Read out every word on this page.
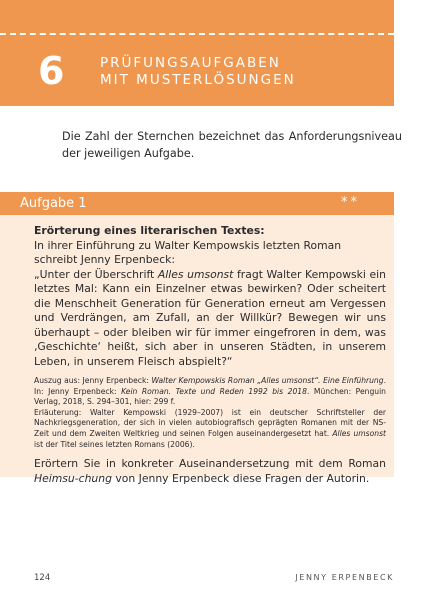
6	PRÜFUNGSAUFGABEN
MIT MUSTERLÖSUNGEN

Die Zahl der Sternchen bezeichnet das Anforderungsniveau der jeweiligen Aufgabe.

Aufgabe 1	**

Erörterung eines literarischen Textes:

In ihrer Einführung zu Walter Kempowskis letzten Roman schreibt Jenny Erpenbeck:

„Unter der Überschrift Alles umsonst fragt Walter Kempowski ein letztes Mal: Kann ein Einzelner etwas bewirken? Oder scheitert die Menschheit Generation für Generation erneut am Vergessen und Verdrängen, am Zufall, an der Willkür? Bewegen wir uns überhaupt – oder bleiben wir für immer eingefroren in dem, was ‚Geschichte‘ heißt, sich aber in unseren Städten, in unserem Leben, in unserem Fleisch abspielt?“

Auszug aus: Jenny Erpenbeck: Walter Kempowskis Roman „Alles umsonst“. Eine Einführung. In: Jenny Erpenbeck: Kein Roman. Texte und Reden 1992 bis 2018. München: Penguin Verlag, 2018, S. 294–301, hier: 299 f.

Erläuterung: Walter Kempowski (1929–2007) ist ein deutscher Schriftsteller der Nachkriegsgeneration, der sich in vielen autobiografisch geprägten Romanen mit der NS-Zeit und dem Zweiten Weltkrieg und seinen Folgen auseinandergesetzt hat. Alles umsonst ist der Titel seines letzten Romans (2006).

Erörtern Sie in konkreter Auseinandersetzung mit dem Roman Heimsu-chung von Jenny Erpenbeck diese Fragen der Autorin.

124	JENNY ERPENBECK
